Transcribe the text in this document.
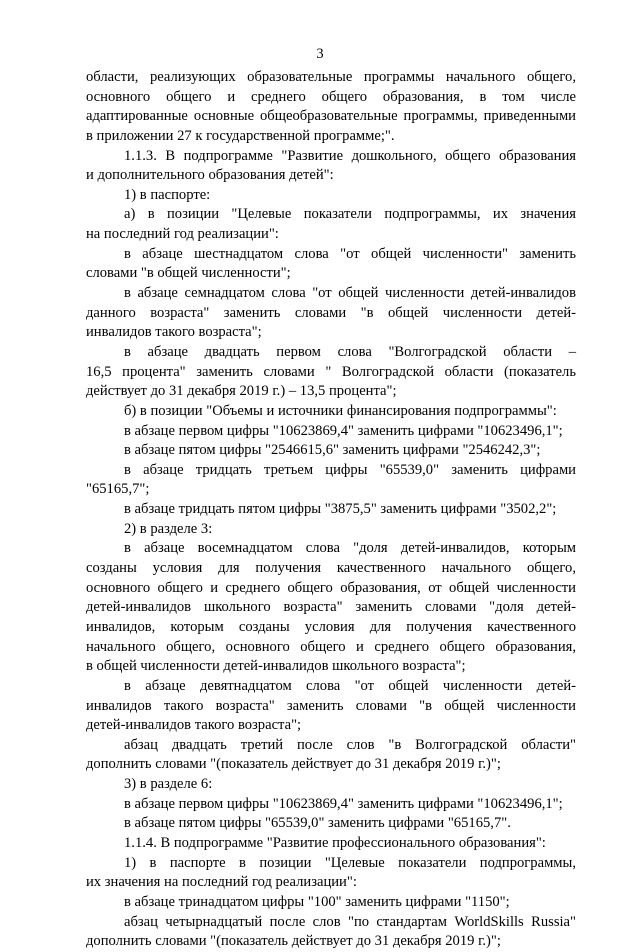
3
области, реализующих образовательные программы начального общего,
основного общего и среднего общего образования, в том числе
адаптированные основные общеобразовательные программы, приведенными
в приложении 27 к государственной программе;".
1.1.3. В подпрограмме "Развитие дошкольного, общего образования
и дополнительного образования детей":
1) в паспорте:
а) в позиции "Целевые показатели подпрограммы, их значения
на последний год реализации":
в абзаце шестнадцатом слова "от общей численности" заменить
словами "в общей численности";
в абзаце семнадцатом слова "от общей численности детей-инвалидов
данного возраста" заменить словами "в общей численности детей-
инвалидов такого возраста";
в абзаце двадцать первом слова "Волгоградской области –
16,5 процента" заменить словами " Волгоградской области (показатель
действует до 31 декабря 2019 г.) – 13,5 процента";
б) в позиции "Объемы и источники финансирования подпрограммы":
в абзаце первом цифры "10623869,4" заменить цифрами "10623496,1";
в абзаце пятом цифры "2546615,6" заменить цифрами "2546242,3";
в абзаце тридцать третьем цифры "65539,0" заменить цифрами
"65165,7";
в абзаце тридцать пятом цифры "3875,5" заменить цифрами "3502,2";
2) в разделе 3:
в абзаце восемнадцатом слова "доля детей-инвалидов, которым
созданы условия для получения качественного начального общего,
основного общего и среднего общего образования, от общей численности
детей-инвалидов школьного возраста" заменить словами "доля детей-
инвалидов, которым созданы условия для получения качественного
начального общего, основного общего и среднего общего образования,
в общей численности детей-инвалидов школьного возраста";
в абзаце девятнадцатом слова "от общей численности детей-
инвалидов такого возраста" заменить словами "в общей численности
детей-инвалидов такого возраста";
абзац двадцать третий после слов "в Волгоградской области"
дополнить словами "(показатель действует до 31 декабря 2019 г.)";
3) в разделе 6:
в абзаце первом цифры "10623869,4" заменить цифрами "10623496,1";
в абзаце пятом цифры "65539,0" заменить цифрами "65165,7".
1.1.4. В подпрограмме "Развитие профессионального образования":
1) в паспорте в позиции "Целевые показатели подпрограммы,
их значения на последний год реализации":
в абзаце тринадцатом цифры "100" заменить цифрами "1150";
абзац четырнадцатый после слов "по стандартам WorldSkills Russia"
дополнить словами "(показатель действует до 31 декабря 2019 г.)";
